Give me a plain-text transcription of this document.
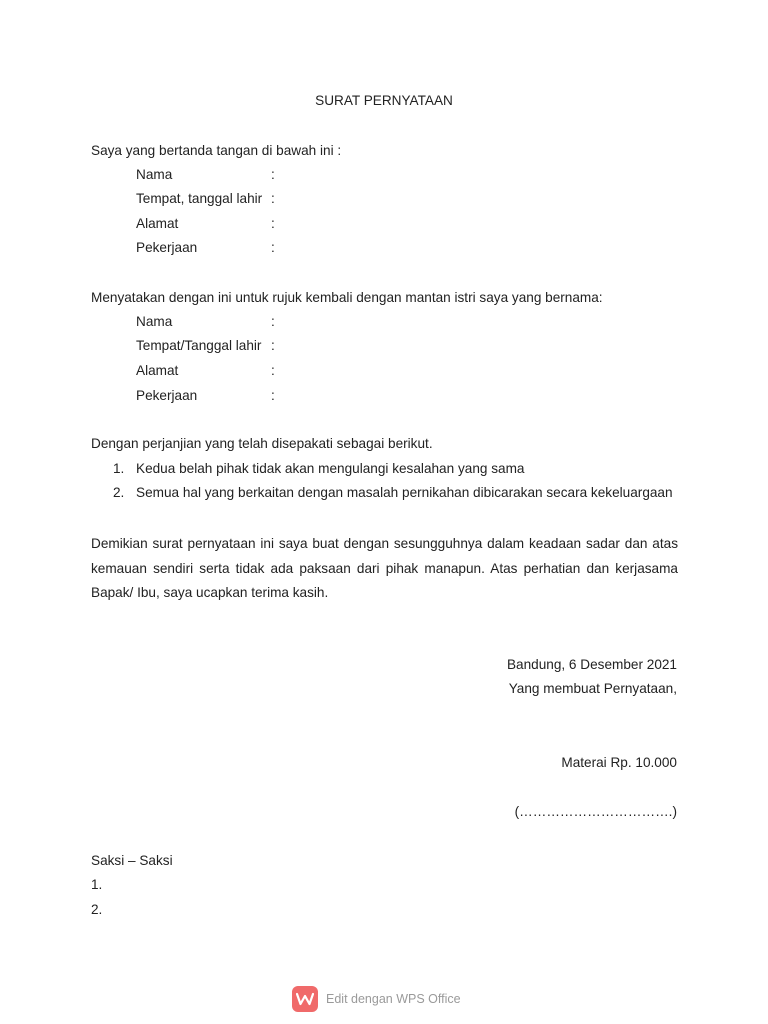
SURAT PERNYATAAN
Saya yang bertanda tangan di bawah ini :
Nama	:
Tempat, tanggal lahir :
Alamat	:
Pekerjaan	:
Menyatakan dengan ini untuk rujuk kembali dengan mantan istri saya yang bernama:
Nama	:
Tempat/Tanggal lahir :
Alamat	:
Pekerjaan	:
Dengan perjanjian yang telah disepakati sebagai berikut.
1. Kedua belah pihak tidak akan mengulangi kesalahan yang sama
2. Semua hal yang berkaitan dengan masalah pernikahan dibicarakan secara kekeluargaan
Demikian surat pernyataan ini saya buat dengan sesungguhnya dalam keadaan sadar dan atas kemauan sendiri serta tidak ada paksaan dari pihak manapun. Atas perhatian dan kerjasama Bapak/ Ibu, saya ucapkan terima kasih.
Bandung, 6 Desember 2021
Yang membuat Pernyataan,
Materai Rp. 10.000
(…………………………….)
Saksi – Saksi
1.
2.
Edit dengan WPS Office
